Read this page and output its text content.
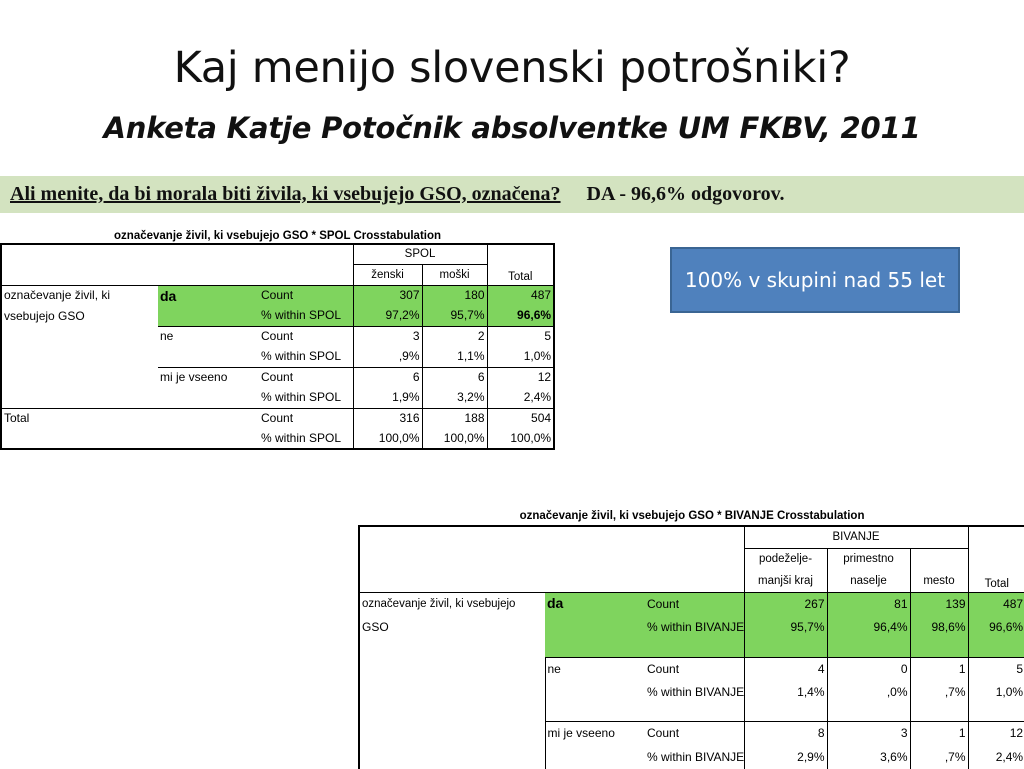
Kaj menijo slovenski potrošniki?
Anketa Katje Potočnik absolventke UM FKBV, 2011
Ali menite, da bi morala biti živila, ki vsebujejo GSO, označena? DA - 96,6% odgovorov.
100% v skupini nad 55 let
označevanje živil, ki vsebujejo GSO * SPOL Crosstabulation					
			SPOL		Total
			ženski	moški	
označevanje živil, ki	da	Count	307	180	487
vsebujejo GSO		% within SPOL	97,2%	95,7%	96,6%
	ne	Count	3	2	5
		% within SPOL	,9%	1,1%	1,0%
	mi je vseeno	Count	6	6	12
		% within SPOL	1,9%	3,2%	2,4%
Total		Count	316	188	504
		% within SPOL	100,0%	100,0%	100,0%
označevanje živil, ki vsebujejo GSO * BIVANJE Crosstabulation						
			BIVANJE			Total
			podeželje-	primestno		
			manjši kraj	naselje	mesto	
označevanje živil, ki vsebujejo	da	Count	267	81	139	487
GSO		% within BIVANJE	95,7%	96,4%	98,6%	96,6%
	ne	Count	4	0	1	5
		% within BIVANJE	1,4%	,0%	,7%	1,0%
	mi je vseeno	Count	8	3	1	12
		% within BIVANJE	2,9%	3,6%	,7%	2,4%
